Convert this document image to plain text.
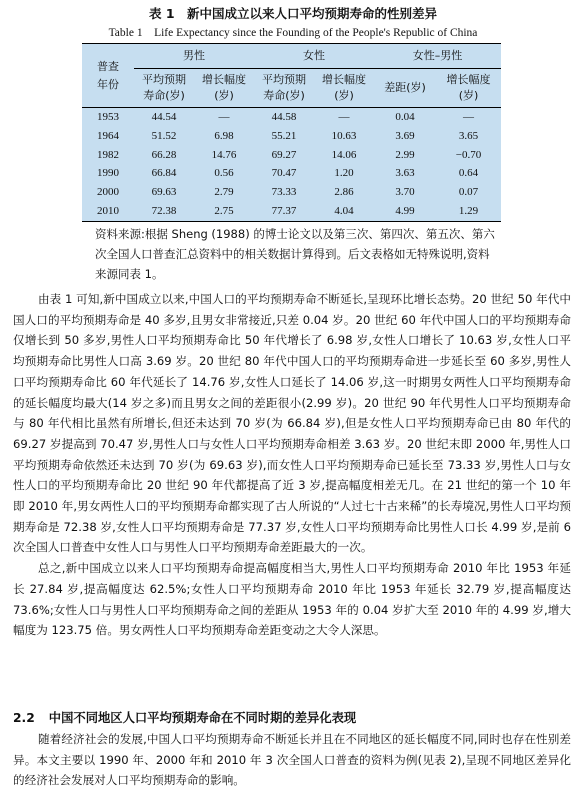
表 1　新中国成立以来人口平均预期寿命的性别差异
Table 1　Life Expectancy since the Founding of the People's Republic of China
普查年份	男性		女性		女性–男性	

	平均预期寿命(岁)	增长幅度(岁)	平均预期寿命(岁)	增长幅度(岁)	差距(岁)	增长幅度(岁)

1953	44.54	—	44.58	—	0.04	—
1964	51.52	6.98	55.21	10.63	3.69	3.65
1982	66.28	14.76	69.27	14.06	2.99	−0.70
1990	66.84	0.56	70.47	1.20	3.63	0.64
2000	69.63	2.79	73.33	2.86	3.70	0.07
2010	72.38	2.75	77.37	4.04	4.99	1.29
资料来源:根据 Sheng (1988) 的博士论文以及第三次、第四次、第五次、第六次全国人口普查汇总资料中的相关数据计算得到。后文表格如无特殊说明,资料来源同表 1。

由表 1 可知,新中国成立以来,中国人口的平均预期寿命不断延长,呈现环比增长态势。20 世纪 50 年代中国人口的平均预期寿命是 40 多岁,且男女非常接近,只差 0.04 岁。20 世纪 60 年代中国人口的平均预期寿命仅增长到 50 多岁,男性人口平均预期寿命比 50 年代增长了 6.98 岁,女性人口增长了 10.63 岁,女性人口平均预期寿命比男性人口高 3.69 岁。20 世纪 80 年代中国人口的平均预期寿命进一步延长至 60 多岁,男性人口平均预期寿命比 60 年代延长了 14.76 岁,女性人口延长了 14.06 岁,这一时期男女两性人口平均预期寿命的延长幅度均最大(14 岁之多)而且男女之间的差距很小(2.99 岁)。20 世纪 90 年代男性人口平均预期寿命与 80 年代相比虽然有所增长,但还未达到 70 岁(为 66.84 岁),但是女性人口平均预期寿命已由 80 年代的 69.27 岁提高到 70.47 岁,男性人口与女性人口平均预期寿命相差 3.63 岁。20 世纪末即 2000 年,男性人口平均预期寿命依然还未达到 70 岁(为 69.63 岁),而女性人口平均预期寿命已延长至 73.33 岁,男性人口与女性人口的平均预期寿命比 20 世纪 90 年代都提高了近 3 岁,提高幅度相差无几。在 21 世纪的第一个 10 年即 2010 年,男女两性人口的平均预期寿命都实现了古人所说的“人过七十古来稀”的长寿境况,男性人口平均预期寿命是 72.38 岁,女性人口平均预期寿命是 77.37 岁,女性人口平均预期寿命比男性人口长 4.99 岁,是前 6 次全国人口普查中女性人口与男性人口平均预期寿命差距最大的一次。

总之,新中国成立以来人口平均预期寿命提高幅度相当大,男性人口平均预期寿命 2010 年比 1953 年延长 27.84 岁,提高幅度达 62.5%;女性人口平均预期寿命 2010 年比 1953 年延长 32.79 岁,提高幅度达 73.6%;女性人口与男性人口平均预期寿命之间的差距从 1953 年的 0.04 岁扩大至 2010 年的 4.99 岁,增大幅度为 123.75 倍。男女两性人口平均预期寿命差距变动之大令人深思。

2.2 中国不同地区人口平均预期寿命在不同时期的差异化表现

随着经济社会的发展,中国人口平均预期寿命不断延长并且在不同地区的延长幅度不同,同时也存在性别差异。本文主要以 1990 年、2000 年和 2010 年 3 次全国人口普查的资料为例(见表 2),呈现不同地区差异化的经济社会发展对人口平均预期寿命的影响。
